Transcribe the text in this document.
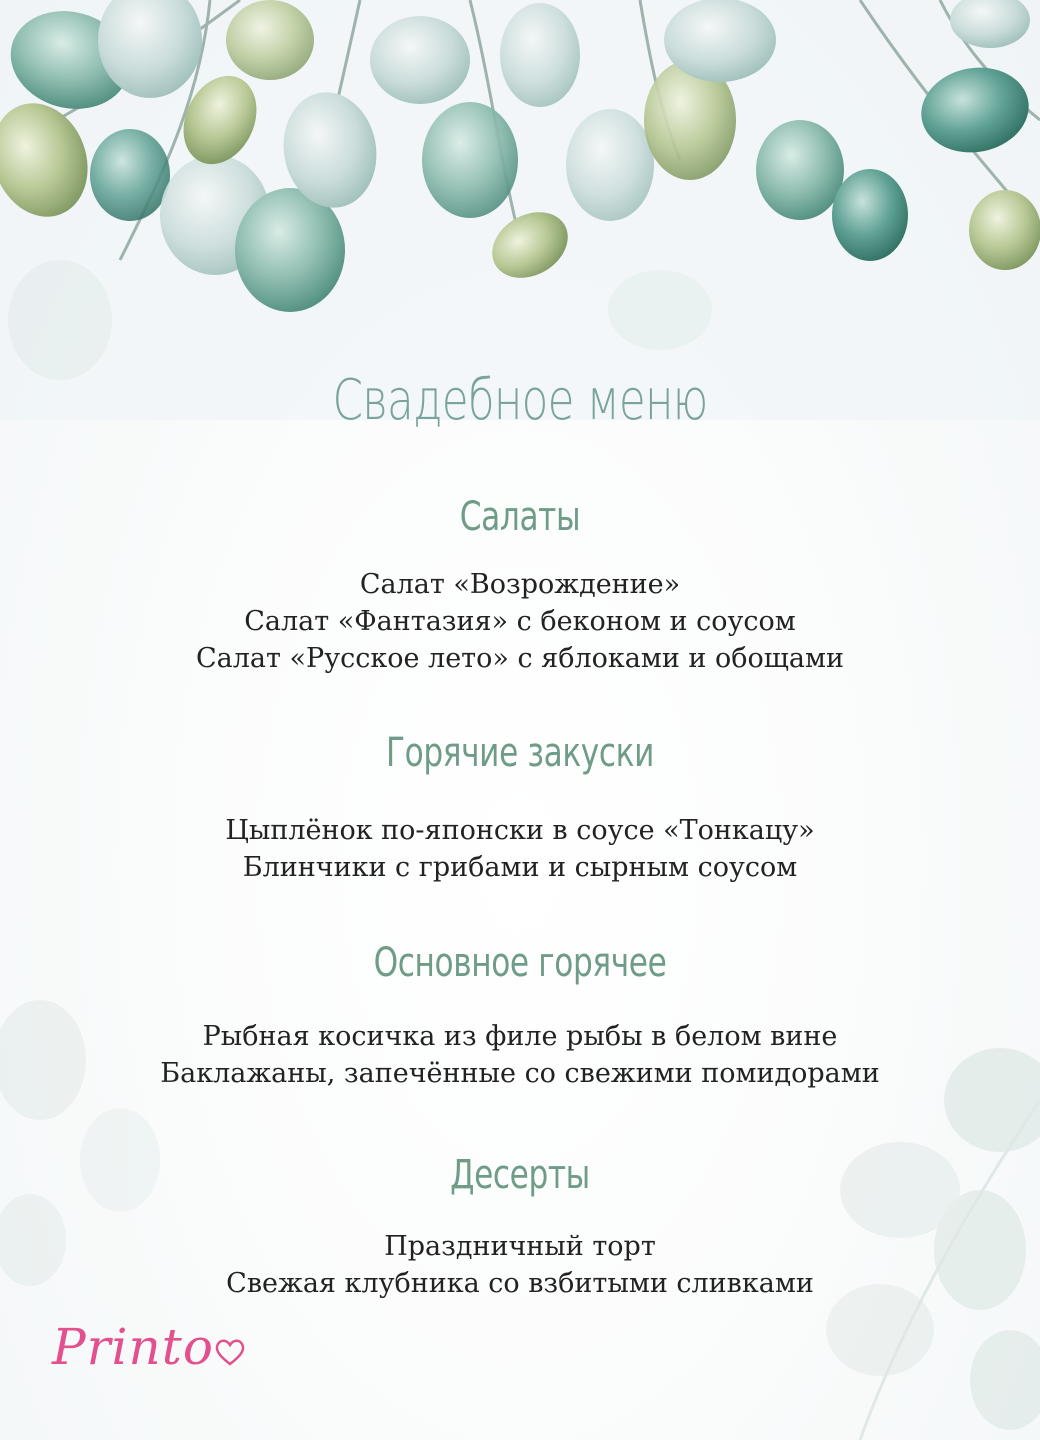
Свадебное меню
Салаты
Салат «Возрождение»
Салат «Фантазия» с беконом и соусом
Салат «Русское лето» с яблоками и обощами
Горячие закуски
Цыплёнок по-японски в соусе «Тонкацу»
Блинчики с грибами и сырным соусом
Основное горячее
Рыбная косичка из филе рыбы в белом вине
Баклажаны, запечённые со свежими помидорами
Десерты
Праздничный торт
Свежая клубника со взбитыми сливками
Printo
